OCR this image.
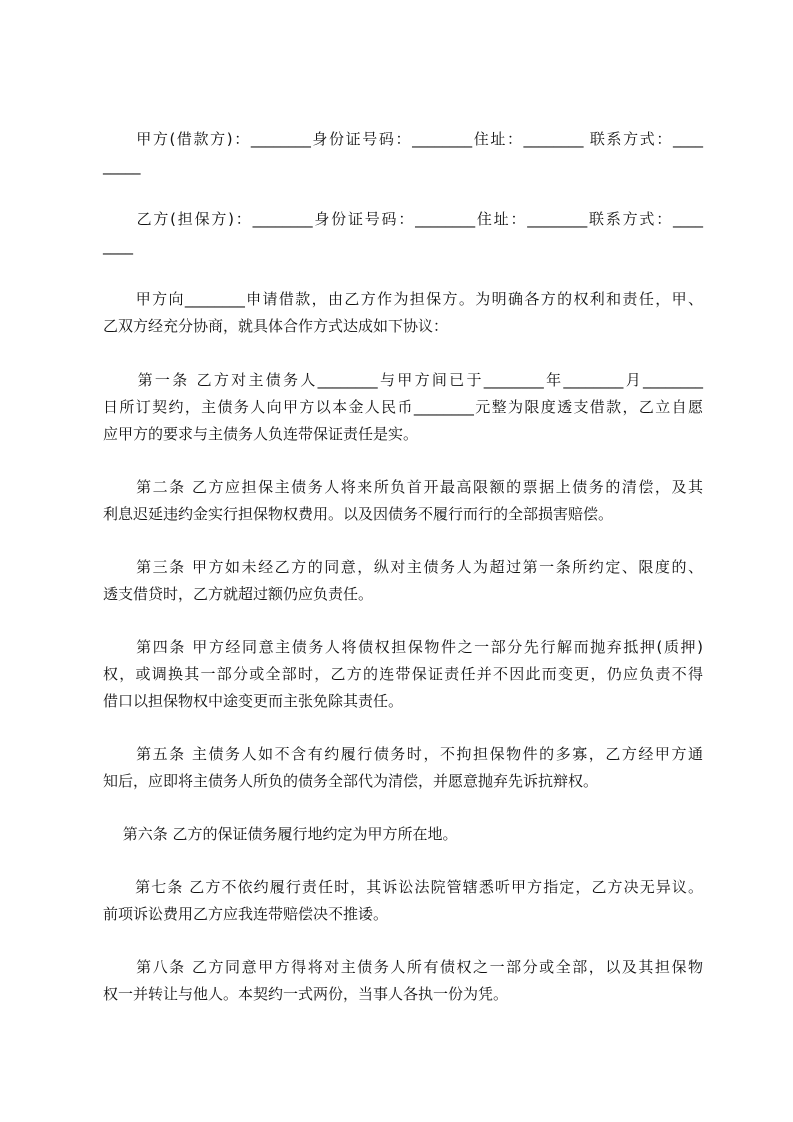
　　甲方(借款方)：________身份证号码：________住址：________ 联系方式：____
_____
　　乙方(担保方)：________身份证号码：________住址：________联系方式：____
____
　　甲方向________申请借款，由乙方作为担保方。为明确各方的权利和责任，甲、
乙双方经充分协商，就具体合作方式达成如下协议：
　　第一条 乙方对主债务人________与甲方间已于________年________月________
日所订契约，主债务人向甲方以本金人民币________元整为限度透支借款，乙立自愿
应甲方的要求与主债务人负连带保证责任是实。
　　第二条 乙方应担保主债务人将来所负首开最高限额的票据上债务的清偿，及其
利息迟延违约金实行担保物权费用。以及因债务不履行而行的全部损害赔偿。
　　第三条 甲方如未经乙方的同意，纵对主债务人为超过第一条所约定、限度的、
透支借贷时，乙方就超过额仍应负责任。
　　第四条 甲方经同意主债务人将债权担保物件之一部分先行解而抛弃抵押(质押)
权，或调换其一部分或全部时，乙方的连带保证责任并不因此而变更，仍应负责不得
借口以担保物权中途变更而主张免除其责任。
　　第五条 主债务人如不含有约履行债务时，不拘担保物件的多寡，乙方经甲方通
知后，应即将主债务人所负的债务全部代为清偿，并愿意抛弃先诉抗辩权。
　 第六条 乙方的保证债务履行地约定为甲方所在地。
　　第七条 乙方不依约履行责任时，其诉讼法院管辖悉听甲方指定，乙方决无异议。
前项诉讼费用乙方应我连带赔偿决不推诿。
　　第八条 乙方同意甲方得将对主债务人所有债权之一部分或全部，以及其担保物
权一并转让与他人。本契约一式两份，当事人各执一份为凭。
